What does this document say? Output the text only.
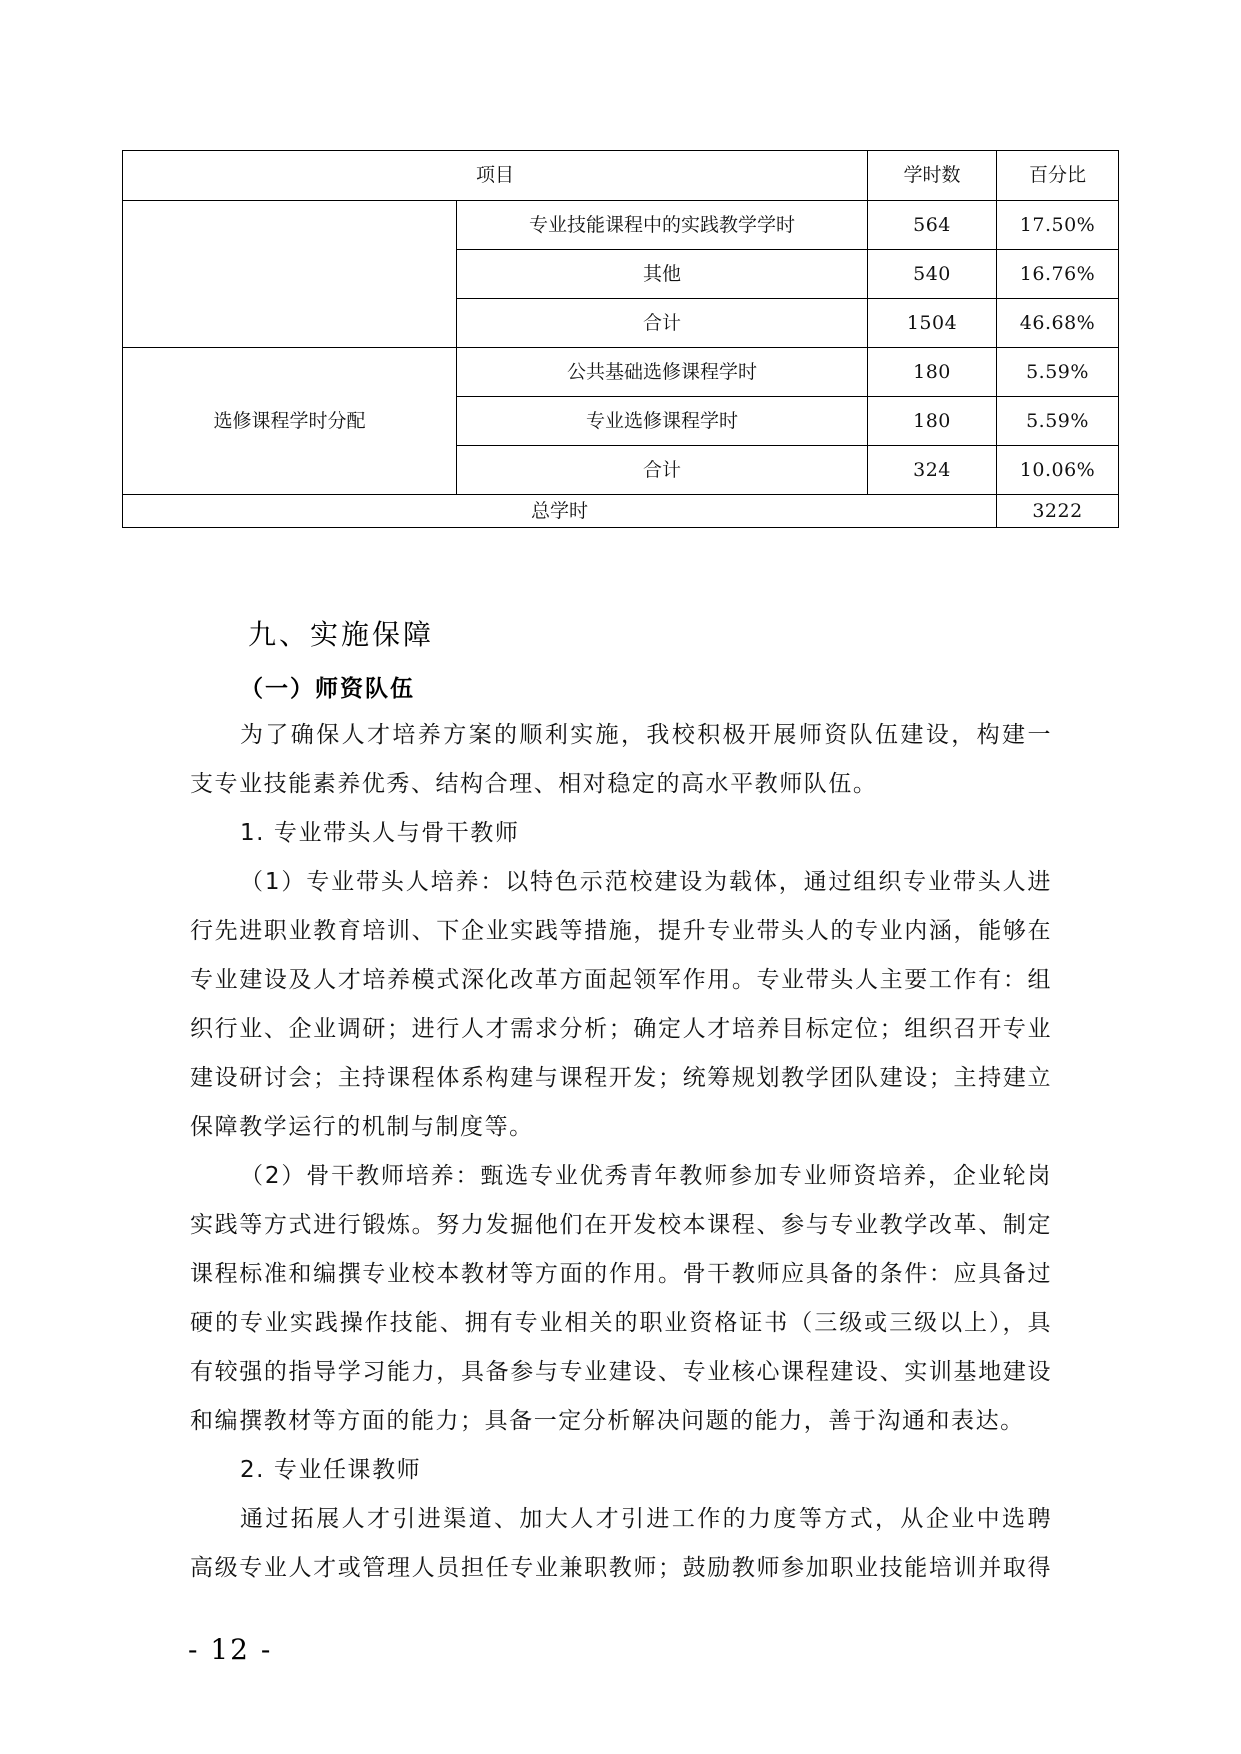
项目		学时数	百分比
	专业技能课程中的实践教学学时	564	17.50%
	其他	540	16.76%
	合计	1504	46.68%
选修课程学时分配	公共基础选修课程学时	180	5.59%
	专业选修课程学时	180	5.59%
	合计	324	10.06%
总学时			3222
九、实施保障
（一）师资队伍
为了确保人才培养方案的顺利实施，我校积极开展师资队伍建设，构建一
支专业技能素养优秀、结构合理、相对稳定的高水平教师队伍。
1. 专业带头人与骨干教师
（1）专业带头人培养：以特色示范校建设为载体，通过组织专业带头人进
行先进职业教育培训、下企业实践等措施，提升专业带头人的专业内涵，能够在
专业建设及人才培养模式深化改革方面起领军作用。专业带头人主要工作有：组
织行业、企业调研；进行人才需求分析；确定人才培养目标定位；组织召开专业
建设研讨会；主持课程体系构建与课程开发；统筹规划教学团队建设；主持建立
保障教学运行的机制与制度等。
（2）骨干教师培养：甄选专业优秀青年教师参加专业师资培养，企业轮岗
实践等方式进行锻炼。努力发掘他们在开发校本课程、参与专业教学改革、制定
课程标准和编撰专业校本教材等方面的作用。骨干教师应具备的条件：应具备过
硬的专业实践操作技能、拥有专业相关的职业资格证书（三级或三级以上），具
有较强的指导学习能力，具备参与专业建设、专业核心课程建设、实训基地建设
和编撰教材等方面的能力；具备一定分析解决问题的能力，善于沟通和表达。
2. 专业任课教师
通过拓展人才引进渠道、加大人才引进工作的力度等方式，从企业中选聘
高级专业人才或管理人员担任专业兼职教师；鼓励教师参加职业技能培训并取得
- 12 -
